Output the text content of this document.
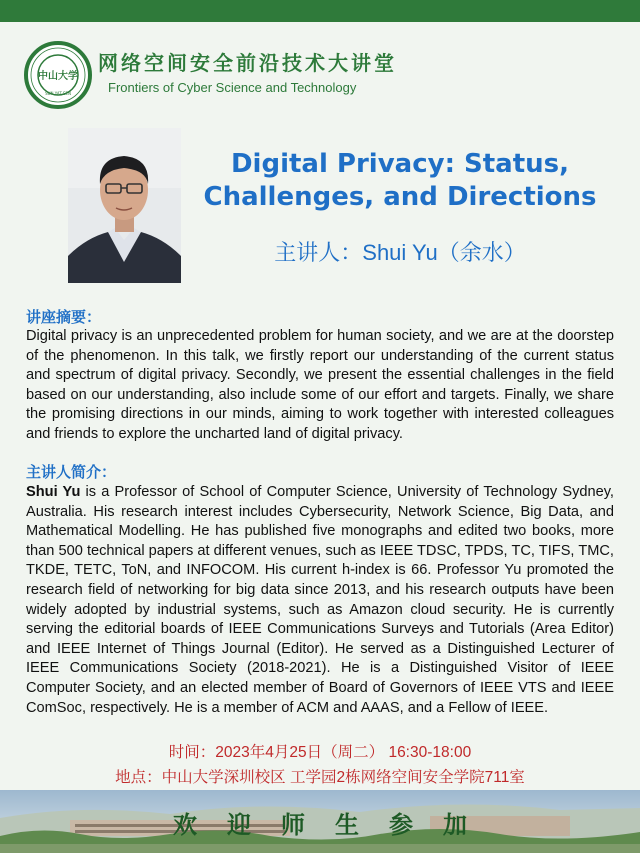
中山大学
SUN YAT-SEN
网络空间安全前沿技术大讲堂
Frontiers of Cyber Science and Technology
Digital Privacy: Status,
Challenges, and Directions
主讲人：Shui Yu（余水）
讲座摘要：
Digital privacy is an unprecedented problem for human society, and we are at the doorstep of the phenomenon. In this talk, we firstly report our understanding of the current status and spectrum of digital privacy. Secondly, we present the essential challenges in the field based on our understanding, also include some of our effort and targets. Finally, we share the promising directions in our minds, aiming to work together with interested colleagues and friends to explore the uncharted land of digital privacy.
主讲人简介：
Shui Yu is a Professor of School of Computer Science, University of Technology Sydney, Australia. His research interest includes Cybersecurity, Network Science, Big Data, and Mathematical Modelling. He has published five monographs and edited two books, more than 500 technical papers at different venues, such as IEEE TDSC, TPDS, TC, TIFS, TMC, TKDE, TETC, ToN, and INFOCOM. His current h-index is 66. Professor Yu promoted the research field of networking for big data since 2013, and his research outputs have been widely adopted by industrial systems, such as Amazon cloud security. He is currently serving the editorial boards of IEEE Communications Surveys and Tutorials (Area Editor) and IEEE Internet of Things Journal (Editor). He served as a Distinguished Lecturer of IEEE Communications Society (2018-2021). He is a Distinguished Visitor of IEEE Computer Society, and an elected member of Board of Governors of IEEE VTS and IEEE ComSoc, respectively. He is a member of ACM and AAAS, and a Fellow of IEEE.
时间：2023年4月25日（周二） 16:30-18:00
地点：中山大学深圳校区 工学园2栋网络空间安全学院711室
欢迎师生参加
